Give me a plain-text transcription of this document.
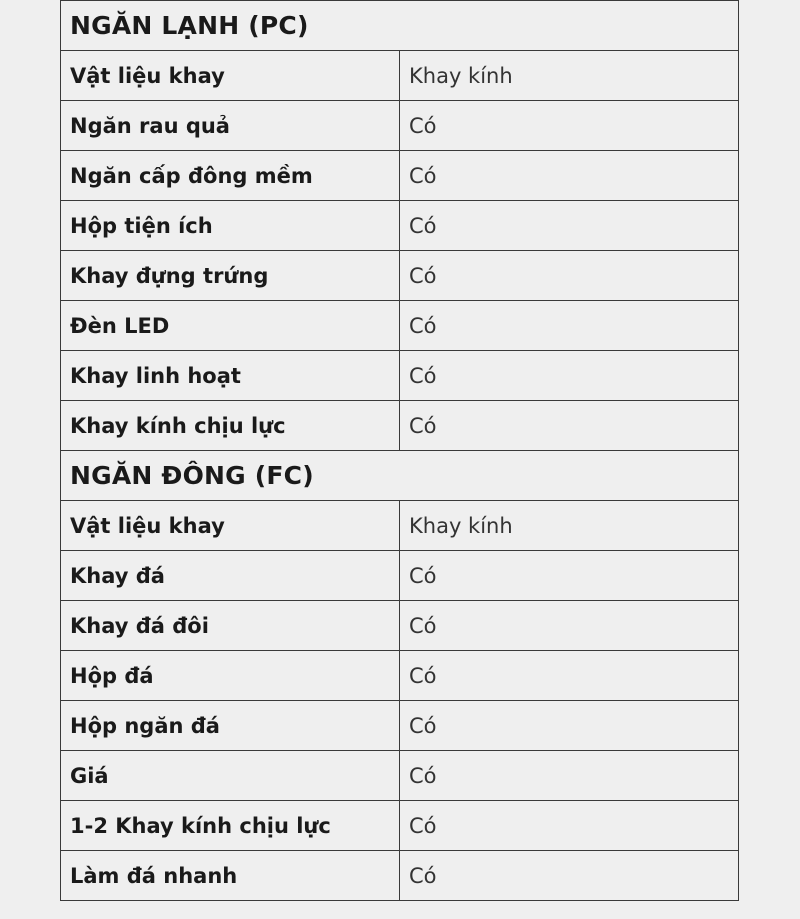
NGĂN LẠNH (PC)	
Vật liệu khay	Khay kính
Ngăn rau quả	Có
Ngăn cấp đông mềm	Có
Hộp tiện ích	Có
Khay đựng trứng	Có
Đèn LED	Có
Khay linh hoạt	Có
Khay kính chịu lực	Có
NGĂN ĐÔNG (FC)	
Vật liệu khay	Khay kính
Khay đá	Có
Khay đá đôi	Có
Hộp đá	Có
Hộp ngăn đá	Có
Giá	Có
1-2 Khay kính chịu lực	Có
Làm đá nhanh	Có
